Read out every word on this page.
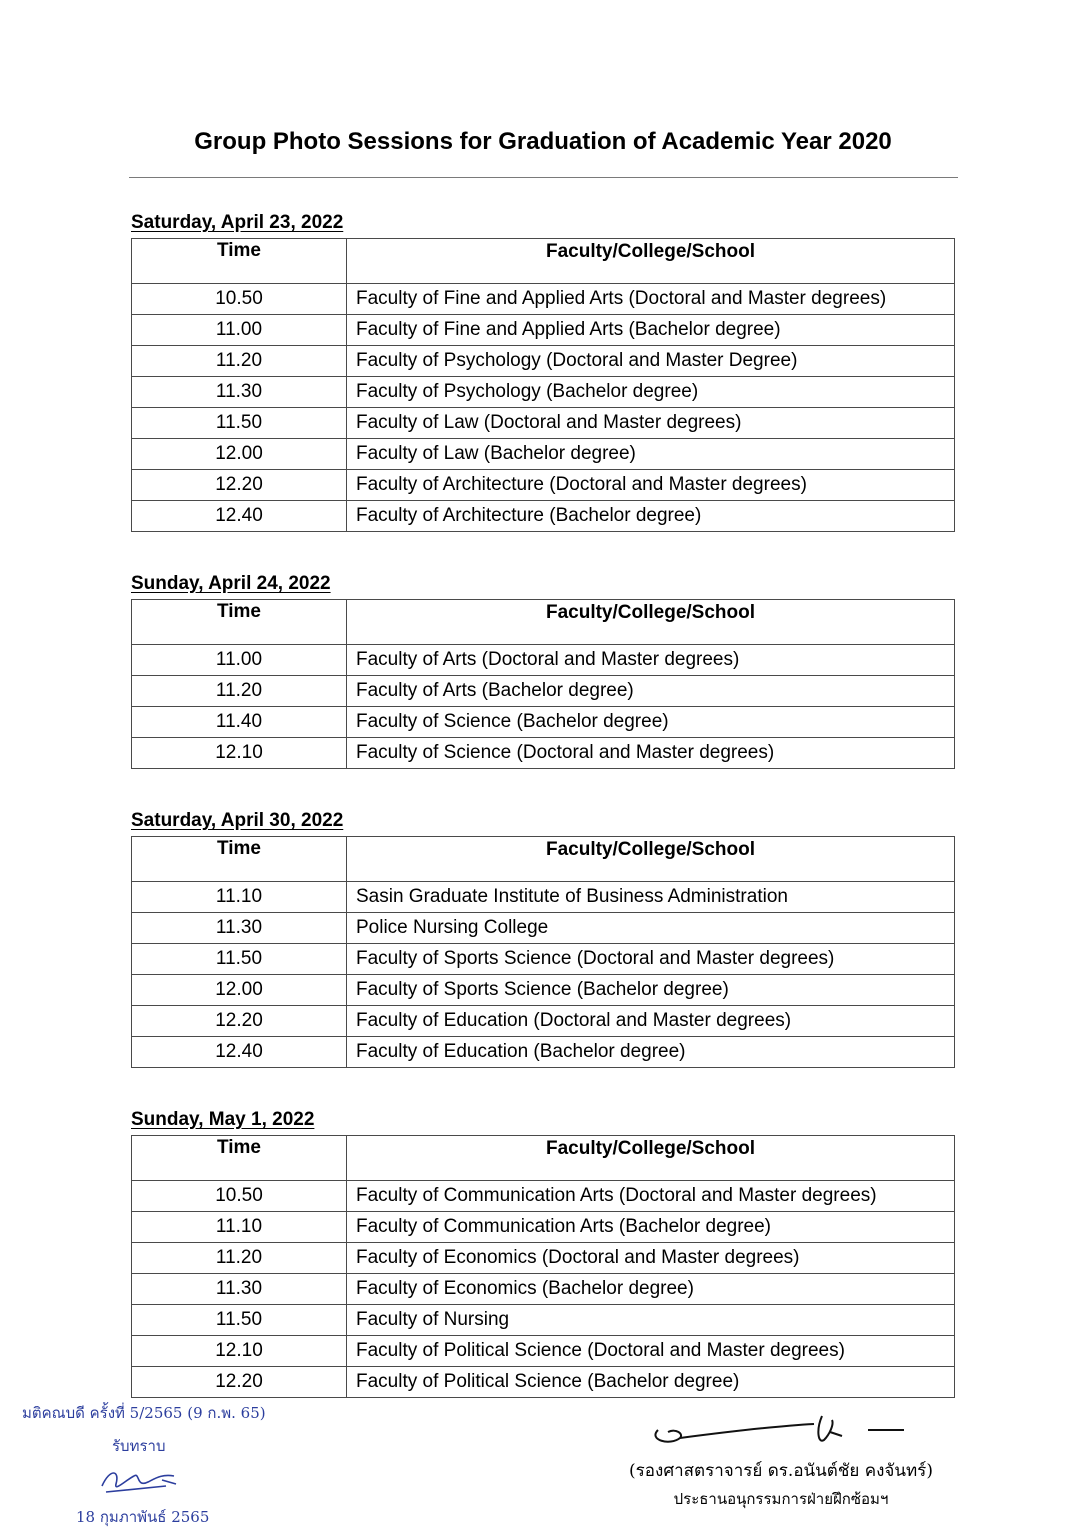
Group Photo Sessions for Graduation of Academic Year 2020
Saturday, April 23, 2022
Time	Faculty/College/School
10.50	Faculty of Fine and Applied Arts (Doctoral and Master degrees)
11.00	Faculty of Fine and Applied Arts (Bachelor degree)
11.20	Faculty of Psychology (Doctoral and Master Degree)
11.30	Faculty of Psychology (Bachelor degree)
11.50	Faculty of Law (Doctoral and Master degrees)
12.00	Faculty of Law (Bachelor degree)
12.20	Faculty of Architecture (Doctoral and Master degrees)
12.40	Faculty of Architecture (Bachelor degree)
Sunday, April 24, 2022
Time	Faculty/College/School
11.00	Faculty of Arts (Doctoral and Master degrees)
11.20	Faculty of Arts (Bachelor degree)
11.40	Faculty of Science (Bachelor degree)
12.10	Faculty of Science (Doctoral and Master degrees)
Saturday, April 30, 2022
Time	Faculty/College/School
11.10	Sasin Graduate Institute of Business Administration
11.30	Police Nursing College
11.50	Faculty of Sports Science (Doctoral and Master degrees)
12.00	Faculty of Sports Science (Bachelor degree)
12.20	Faculty of Education (Doctoral and Master degrees)
12.40	Faculty of Education (Bachelor degree)
Sunday, May 1, 2022
Time	Faculty/College/School
10.50	Faculty of Communication Arts (Doctoral and Master degrees)
11.10	Faculty of Communication Arts (Bachelor degree)
11.20	Faculty of Economics (Doctoral and Master degrees)
11.30	Faculty of Economics (Bachelor degree)
11.50	Faculty of Nursing
12.10	Faculty of Political Science (Doctoral and Master degrees)
12.20	Faculty of Political Science (Bachelor degree)
มติคณบดี ครั้งที่ 5/2565 (9 ก.พ. 65)
รับทราบ
18 กุมภาพันธ์ 2565
(รองศาสตราจารย์ ดร.อนันต์ชัย คงจันทร์)
ประธานอนุกรรมการฝ่ายฝึกซ้อมฯ
